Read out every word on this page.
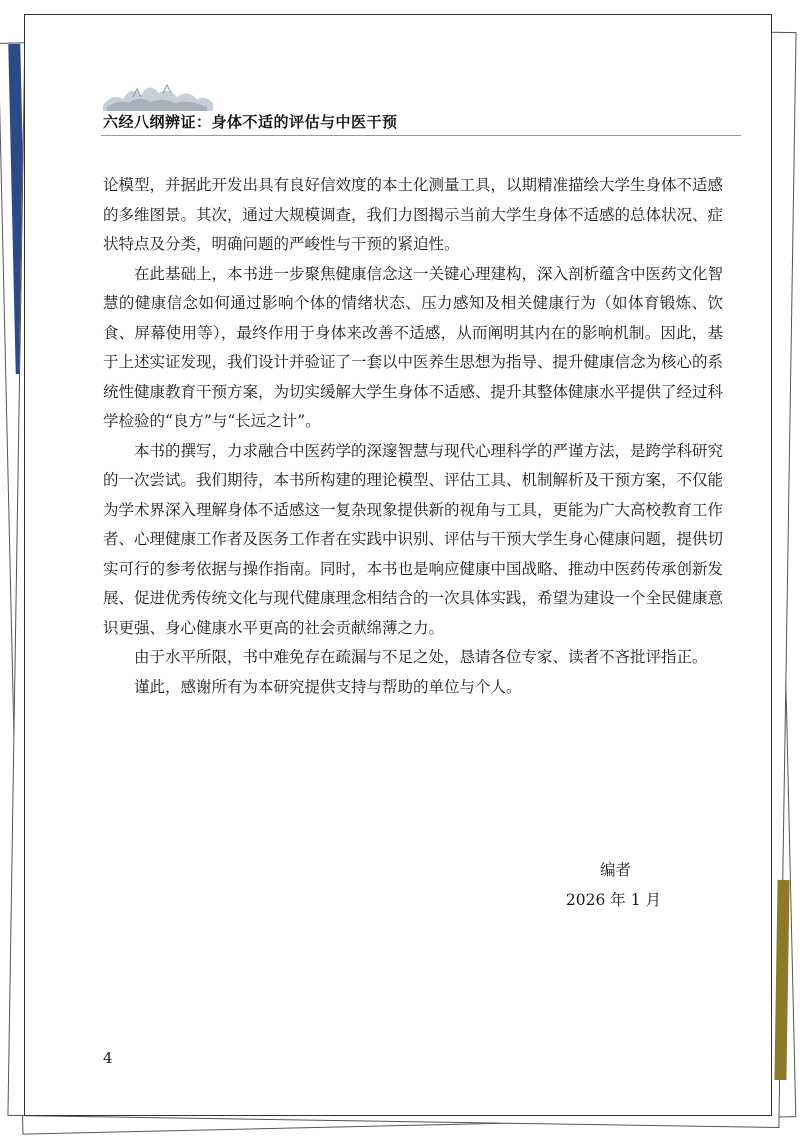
六经八纲辨证：身体不适的评估与中医干预

论模型，并据此开发出具有良好信效度的本土化测量工具，以期精准描绘大学生身体不适感的多维图景。其次，通过大规模调查，我们力图揭示当前大学生身体不适感的总体状况、症状特点及分类，明确问题的严峻性与干预的紧迫性。

在此基础上，本书进一步聚焦健康信念这一关键心理建构，深入剖析蕴含中医药文化智慧的健康信念如何通过影响个体的情绪状态、压力感知及相关健康行为（如体育锻炼、饮食、屏幕使用等），最终作用于身体来改善不适感，从而阐明其内在的影响机制。因此，基于上述实证发现，我们设计并验证了一套以中医养生思想为指导、提升健康信念为核心的系统性健康教育干预方案，为切实缓解大学生身体不适感、提升其整体健康水平提供了经过科学检验的“良方”与“长远之计”。

本书的撰写，力求融合中医药学的深邃智慧与现代心理科学的严谨方法，是跨学科研究的一次尝试。我们期待，本书所构建的理论模型、评估工具、机制解析及干预方案，不仅能为学术界深入理解身体不适感这一复杂现象提供新的视角与工具，更能为广大高校教育工作者、心理健康工作者及医务工作者在实践中识别、评估与干预大学生身心健康问题，提供切实可行的参考依据与操作指南。同时，本书也是响应健康中国战略、推动中医药传承创新发展、促进优秀传统文化与现代健康理念相结合的一次具体实践，希望为建设一个全民健康意识更强、身心健康水平更高的社会贡献绵薄之力。

由于水平所限，书中难免存在疏漏与不足之处，恳请各位专家、读者不吝批评指正。

谨此，感谢所有为本研究提供支持与帮助的单位与个人。

编者
2026 年 1 月
4
